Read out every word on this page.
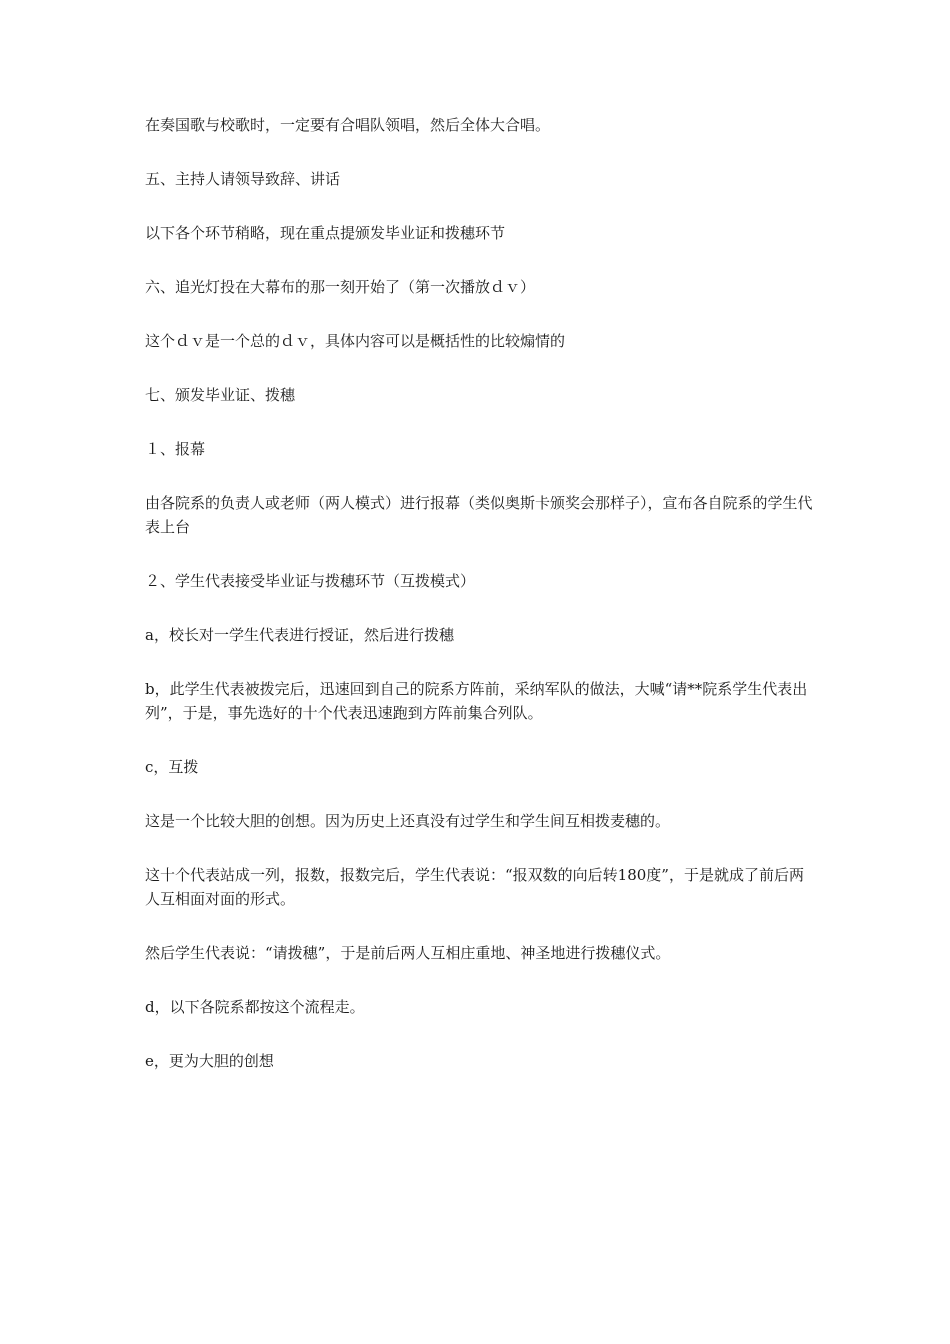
在奏国歌与校歌时，一定要有合唱队领唱，然后全体大合唱。

五、主持人请领导致辞、讲话

以下各个环节稍略，现在重点提颁发毕业证和拨穗环节

六、追光灯投在大幕布的那一刻开始了（第一次播放ｄｖ）

这个ｄｖ是一个总的ｄｖ，具体内容可以是概括性的比较煽情的

七、颁发毕业证、拨穗

１、报幕

由各院系的负责人或老师（两人模式）进行报幕（类似奥斯卡颁奖会那样子），宣布各自院系的学生代表上台

２、学生代表接受毕业证与拨穗环节（互拨模式）

a，校长对一学生代表进行授证，然后进行拨穗

b，此学生代表被拨完后，迅速回到自己的院系方阵前，采纳军队的做法，大喊“请**院系学生代表出列”，于是，事先选好的十个代表迅速跑到方阵前集合列队。

c，互拨

这是一个比较大胆的创想。因为历史上还真没有过学生和学生间互相拨麦穗的。

这十个代表站成一列，报数，报数完后，学生代表说：“报双数的向后转180度”，于是就成了前后两人互相面对面的形式。

然后学生代表说：“请拨穗”，于是前后两人互相庄重地、神圣地进行拨穗仪式。

d，以下各院系都按这个流程走。

e，更为大胆的创想
